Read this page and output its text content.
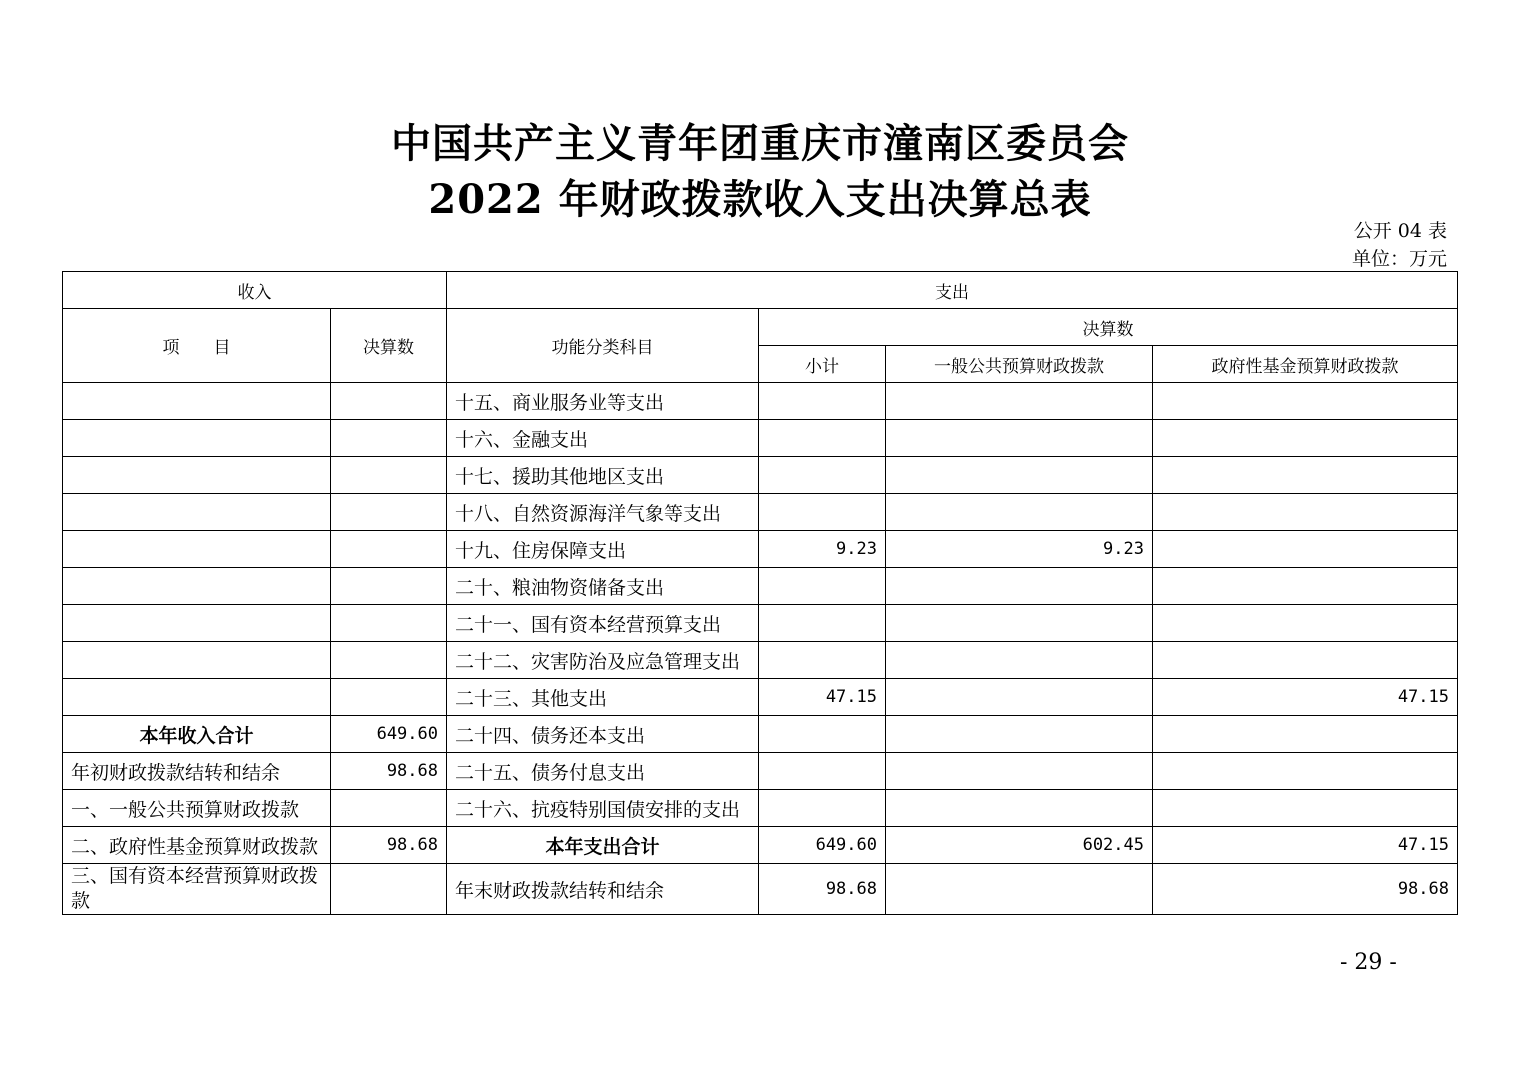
中国共产主义青年团重庆市潼南区委员会
2022 年财政拨款收入支出决算总表
公开 04 表
单位：万元
收入		支出			
项　　目	决算数	功能分类科目	决算数		
			小计	一般公共预算财政拨款	政府性基金预算财政拨款
		十五、商业服务业等支出			
		十六、金融支出			
		十七、援助其他地区支出			
		十八、自然资源海洋气象等支出			
		十九、住房保障支出	9.23	9.23	
		二十、粮油物资储备支出			
		二十一、国有资本经营预算支出			
		二十二、灾害防治及应急管理支出			
		二十三、其他支出	47.15		47.15
本年收入合计	649.60	二十四、债务还本支出			
年初财政拨款结转和结余	98.68	二十五、债务付息支出			
一、一般公共预算财政拨款		二十六、抗疫特别国债安排的支出			
二、政府性基金预算财政拨款	98.68	本年支出合计	649.60	602.45	47.15
三、国有资本经营预算财政拨款		年末财政拨款结转和结余	98.68		98.68
- 29 -
